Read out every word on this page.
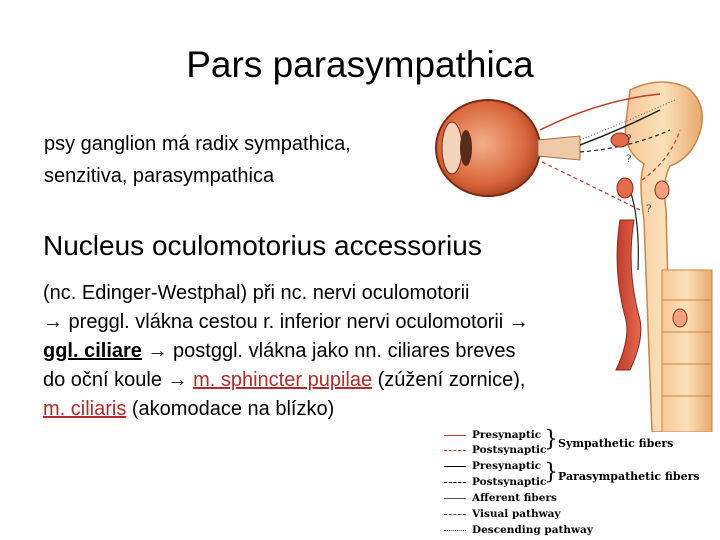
Pars parasympathica
psy ganglion má radix sympathica,
senzitiva, parasympathica
Nucleus oculomotorius accessorius
(nc. Edinger-Westphal) při nc. nervi oculomotorii
→ preggl. vlákna cestou r. inferior nervi oculomotorii →
ggl. ciliare → postggl. vlákna jako nn. ciliares breves
do oční koule → m. sphincter pupilae (zúžení zornice),
m. ciliaris (akomodace na blízko)
?
?
?
Presynaptic
Postsynaptic
Presynaptic
Postsynaptic
Afferent fibers
Visual pathway
Descending pathway
} Sympathetic fibers
} Parasympathetic fibers
